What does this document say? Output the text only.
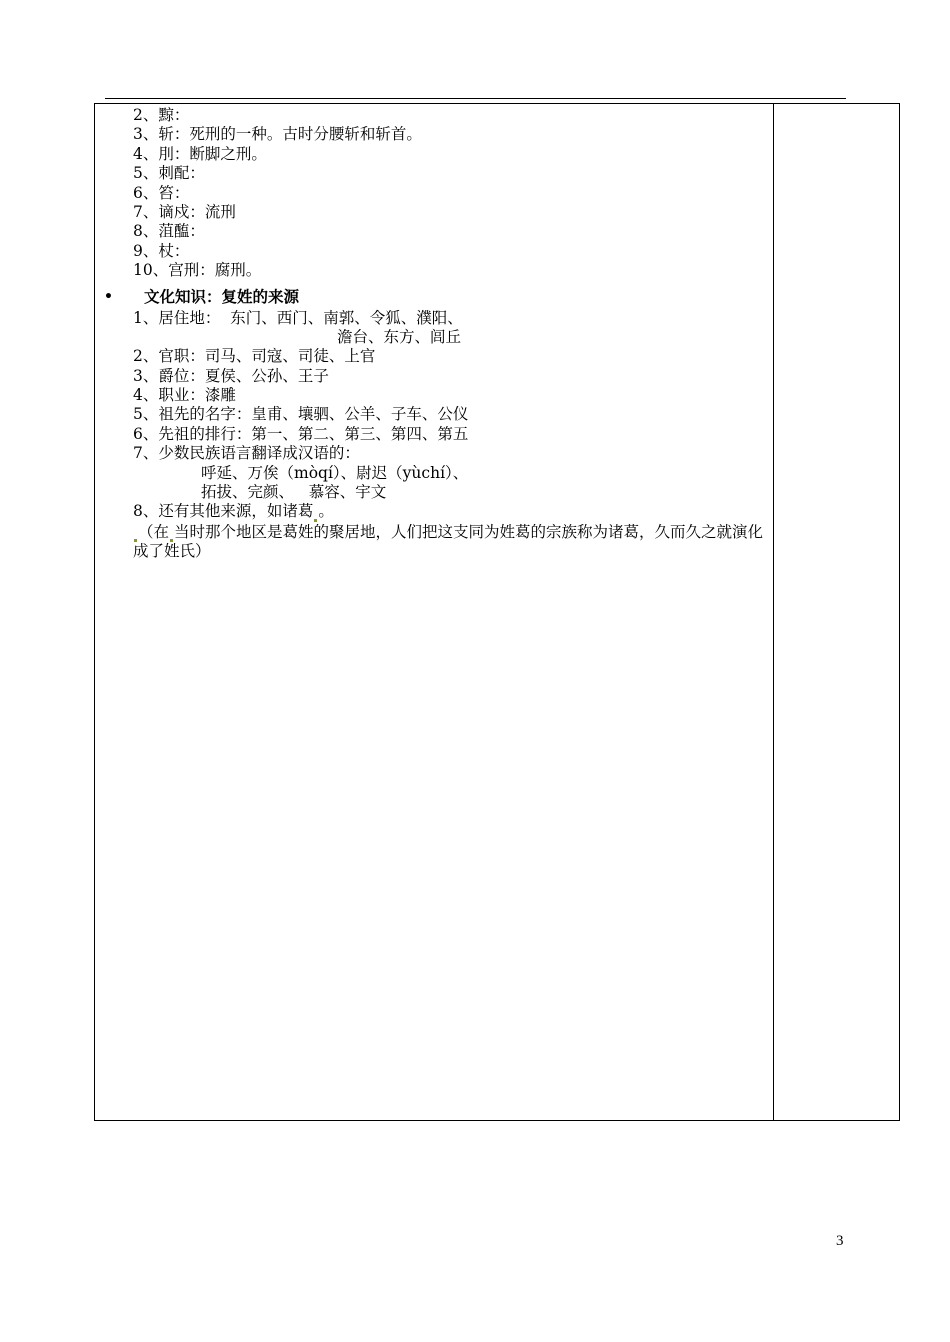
2、黥：
3、斩：死刑的一种。古时分腰斩和斩首。
4、刖：断脚之刑。
5、刺配：
6、笞：
7、谪戍：流刑
8、菹醢：
9、杖：
10、宫刑：腐刑。
• 文化知识：复姓的来源
1、居住地：  东门、西门、南郭、令狐、濮阳、
澹台、东方、闾丘
2、官职：司马、司寇、司徒、上官
3、爵位：夏侯、公孙、王子
4、职业：漆雕
5、祖先的名字：皇甫、壤驷、公羊、子车、公仪
6、先祖的排行：第一、第二、第三、第四、第五
7、少数民族语言翻译成汉语的：
呼延、万俟（mòqí）、尉迟（yùchí）、
拓拔、完颜、   慕容、宇文
8、还有其他来源，如诸葛 。
（在 当时那个地区是葛姓的聚居地，人们把这支同为姓葛的宗族称为诸葛，久而久之就演化成了姓氏）
3
